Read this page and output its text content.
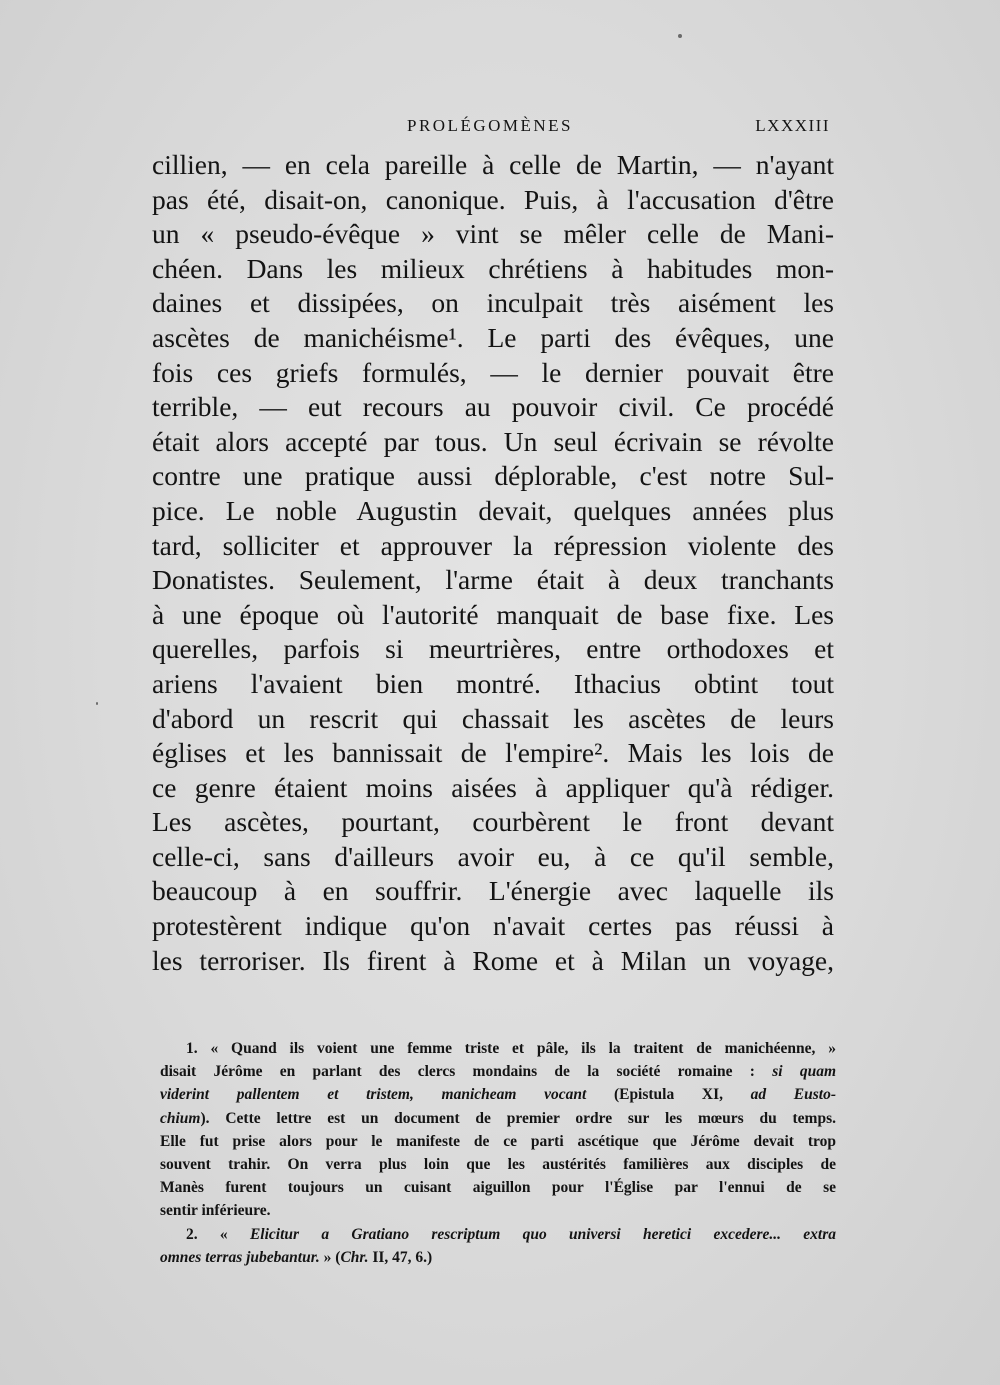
PROLÉGOMÈNES	LXXXIII
cillien, — en cela pareille à celle de Martin, — n'ayant
pas été, disait-on, canonique. Puis, à l'accusation d'être
un « pseudo-évêque » vint se mêler celle de Mani-
chéen. Dans les milieux chrétiens à habitudes mon-
daines et dissipées, on inculpait très aisément les
ascètes de manichéisme¹. Le parti des évêques, une
fois ces griefs formulés, — le dernier pouvait être
terrible, — eut recours au pouvoir civil. Ce procédé
était alors accepté par tous. Un seul écrivain se révolte
contre une pratique aussi déplorable, c'est notre Sul-
pice. Le noble Augustin devait, quelques années plus
tard, solliciter et approuver la répression violente des
Donatistes. Seulement, l'arme était à deux tranchants
à une époque où l'autorité manquait de base fixe. Les
querelles, parfois si meurtrières, entre orthodoxes et
ariens l'avaient bien montré. Ithacius obtint tout
d'abord un rescrit qui chassait les ascètes de leurs
églises et les bannissait de l'empire². Mais les lois de
ce genre étaient moins aisées à appliquer qu'à rédiger.
Les ascètes, pourtant, courbèrent le front devant
celle-ci, sans d'ailleurs avoir eu, à ce qu'il semble,
beaucoup à en souffrir. L'énergie avec laquelle ils
protestèrent indique qu'on n'avait certes pas réussi à
les terroriser. Ils firent à Rome et à Milan un voyage,
1. « Quand ils voient une femme triste et pâle, ils la traitent de manichéenne, »
disait Jérôme en parlant des clercs mondains de la société romaine : si quam
viderint pallentem et tristem, manicheam vocant (Epistula XI, ad Eusto-
chium). Cette lettre est un document de premier ordre sur les mœurs du temps.
Elle fut prise alors pour le manifeste de ce parti ascétique que Jérôme devait trop
souvent trahir. On verra plus loin que les austérités familières aux disciples de
Manès furent toujours un cuisant aiguillon pour l'Église par l'ennui de se
sentir inférieure.
2. « Elicitur a Gratiano rescriptum quo universi heretici excedere... extra
omnes terras jubebantur. » (Chr. II, 47, 6.)
